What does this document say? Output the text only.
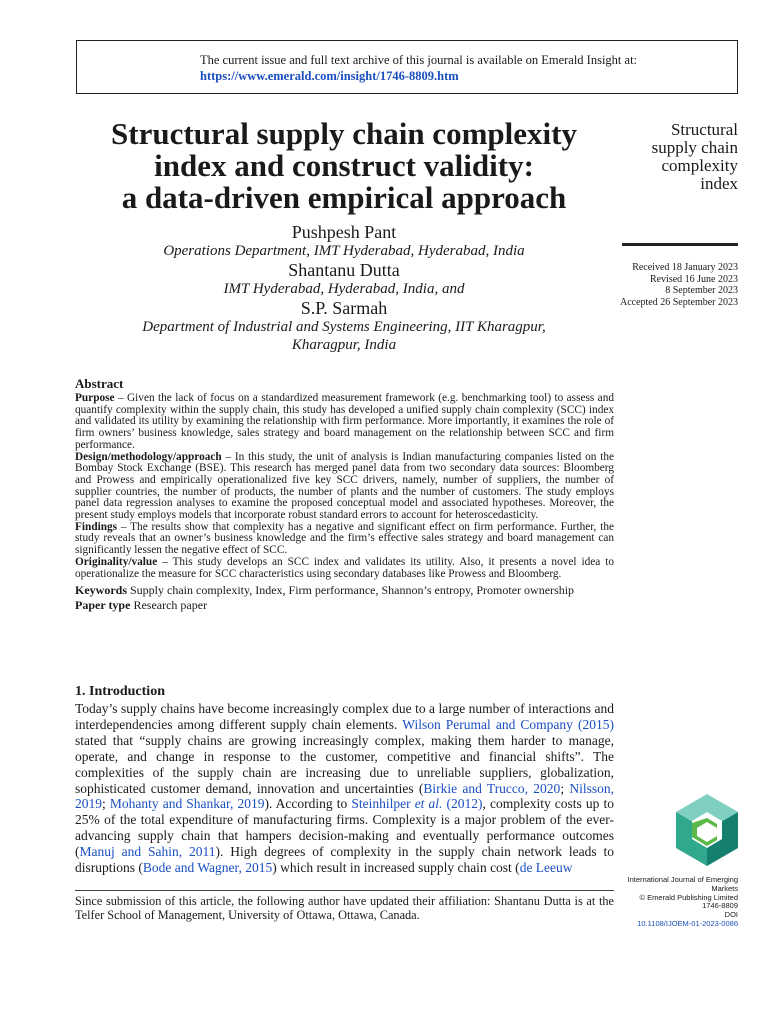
The current issue and full text archive of this journal is available on Emerald Insight at:
https://www.emerald.com/insight/1746-8809.htm
Structural supply chain complexity
index and construct validity:
a data-driven empirical approach
Pushpesh Pant
Operations Department, IMT Hyderabad, Hyderabad, India
Shantanu Dutta
IMT Hyderabad, Hyderabad, India, and
S.P. Sarmah
Department of Industrial and Systems Engineering, IIT Kharagpur,
Kharagpur, India
Structural
supply chain
complexity
index
Received 18 January 2023
Revised 16 June 2023
8 September 2023
Accepted 26 September 2023
Abstract

Purpose – Given the lack of focus on a standardized measurement framework (e.g. benchmarking tool) to assess and quantify complexity within the supply chain, this study has developed a unified supply chain complexity (SCC) index and validated its utility by examining the relationship with firm performance. More importantly, it examines the role of firm owners’ business knowledge, sales strategy and board management on the relationship between SCC and firm performance.

Design/methodology/approach – In this study, the unit of analysis is Indian manufacturing companies listed on the Bombay Stock Exchange (BSE). This research has merged panel data from two secondary data sources: Bloomberg and Prowess and empirically operationalized five key SCC drivers, namely, number of suppliers, the number of supplier countries, the number of products, the number of plants and the number of customers. The study employs panel data regression analyses to examine the proposed conceptual model and associated hypotheses. Moreover, the present study employs models that incorporate robust standard errors to account for heteroscedasticity.

Findings – The results show that complexity has a negative and significant effect on firm performance. Further, the study reveals that an owner’s business knowledge and the firm’s effective sales strategy and board management can significantly lessen the negative effect of SCC.

Originality/value – This study develops an SCC index and validates its utility. Also, it presents a novel idea to operationalize the measure for SCC characteristics using secondary databases like Prowess and Bloomberg.

Keywords Supply chain complexity, Index, Firm performance, Shannon’s entropy, Promoter ownership

Paper type Research paper

1. Introduction

Today’s supply chains have become increasingly complex due to a large number of interactions and interdependencies among different supply chain elements. Wilson Perumal and Company (2015) stated that “supply chains are growing increasingly complex, making them harder to manage, operate, and change in response to the customer, competitive and financial shifts”. The complexities of the supply chain are increasing due to unreliable suppliers, globalization, sophisticated customer demand, innovation and uncertainties (Birkie and Trucco, 2020; Nilsson, 2019; Mohanty and Shankar, 2019). According to Steinhilper et al. (2012), complexity costs up to 25% of the total expenditure of manufacturing firms. Complexity is a major problem of the ever-advancing supply chain that hampers decision-making and eventually performance outcomes (Manuj and Sahin, 2011). High degrees of complexity in the supply chain network leads to disruptions (Bode and Wagner, 2015) which result in increased supply chain cost (de Leeuw

Since submission of this article, the following author have updated their affiliation: Shantanu Dutta is at the Telfer School of Management, University of Ottawa, Ottawa, Canada.
International Journal of Emerging
Markets
© Emerald Publishing Limited
1746-8809
DOI
10.1108/IJOEM-01-2023-0086
